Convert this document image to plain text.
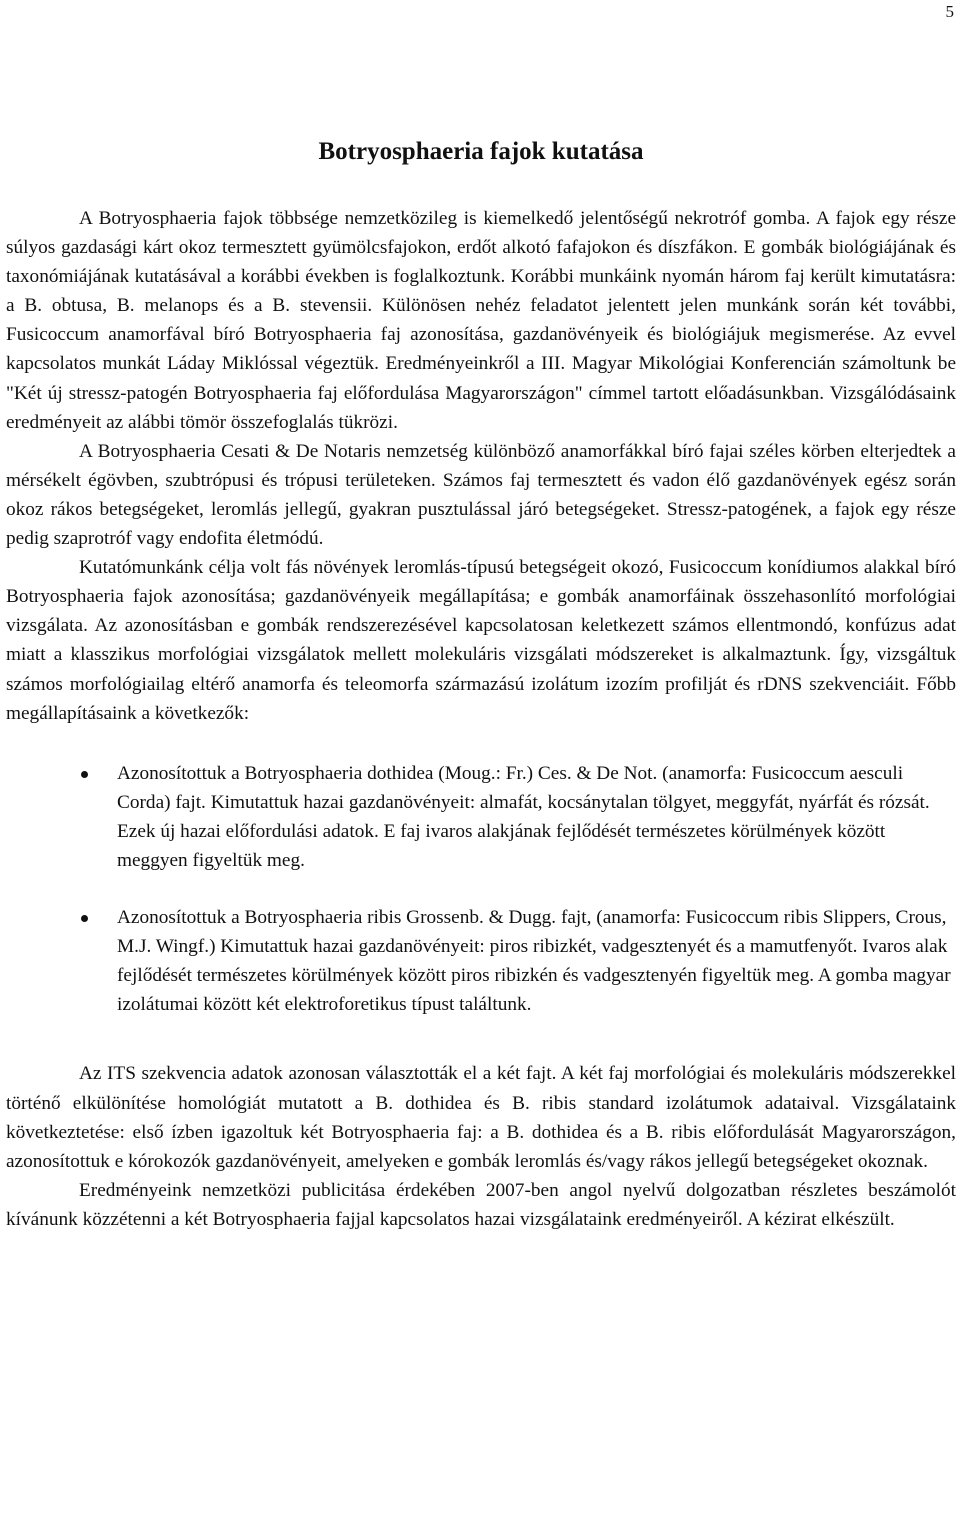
5
Botryosphaeria fajok kutatása

A Botryosphaeria fajok többsége nemzetközileg is kiemelkedő jelentőségű nekrotróf gomba. A fajok egy része súlyos gazdasági kárt okoz termesztett gyümölcsfajokon, erdőt alkotó fafajokon és díszfákon. E gombák biológiájának és taxonómiájának kutatásával a korábbi években is foglalkoztunk. Korábbi munkáink nyomán három faj került kimutatásra: a B. obtusa, B. melanops és a B. stevensii. Különösen nehéz feladatot jelentett jelen munkánk során két további, Fusicoccum anamorfával bíró Botryosphaeria faj azonosítása, gazdanövényeik és biológiájuk megismerése. Az evvel kapcsolatos munkát Láday Miklóssal végeztük. Eredményeinkről a III. Magyar Mikológiai Konferencián számoltunk be "Két új stressz-patogén Botryosphaeria faj előfordulása Magyarországon" címmel tartott előadásunkban. Vizsgálódásaink eredményeit az alábbi tömör összefoglalás tükrözi.

A Botryosphaeria Cesati & De Notaris nemzetség különböző anamorfákkal bíró fajai széles körben elterjedtek a mérsékelt égövben, szubtrópusi és trópusi területeken. Számos faj termesztett és vadon élő gazdanövények egész során okoz rákos betegségeket, leromlás jellegű, gyakran pusztulással járó betegségeket. Stressz-patogének, a fajok egy része pedig szaprotróf vagy endofita életmódú.

Kutatómunkánk célja volt fás növények leromlás-típusú betegségeit okozó, Fusicoccum konídiumos alakkal bíró Botryosphaeria fajok azonosítása; gazdanövényeik megállapítása; e gombák anamorfáinak összehasonlító morfológiai vizsgálata. Az azonosításban e gombák rendszerezésével kapcsolatosan keletkezett számos ellentmondó, konfúzus adat miatt a klasszikus morfológiai vizsgálatok mellett molekuláris vizsgálati módszereket is alkalmaztunk. Így, vizsgáltuk számos morfológiailag eltérő anamorfa és teleomorfa származású izolátum izozím profilját és rDNS szekvenciáit. Főbb megállapításaink a következők:

Azonosítottuk a Botryosphaeria dothidea (Moug.: Fr.) Ces. & De Not. (anamorfa: Fusicoccum aesculi Corda) fajt. Kimutattuk hazai gazdanövényeit: almafát, kocsánytalan tölgyet, meggyfát, nyárfát és rózsát. Ezek új hazai előfordulási adatok. E faj ivaros alakjának fejlődését természetes körülmények között meggyen figyeltük meg.
Azonosítottuk a Botryosphaeria ribis Grossenb. & Dugg. fajt, (anamorfa: Fusicoccum ribis Slippers, Crous, M.J. Wingf.) Kimutattuk hazai gazdanövényeit: piros ribizkét, vadgesztenyét és a mamutfenyőt. Ivaros alak fejlődését természetes körülmények között piros ribizkén és vadgesztenyén figyeltük meg. A gomba magyar izolátumai között két elektroforetikus típust találtunk.

Az ITS szekvencia adatok azonosan választották el a két fajt. A két faj morfológiai és molekuláris módszerekkel történő elkülönítése homológiát mutatott a B. dothidea és B. ribis standard izolátumok adataival. Vizsgálataink következtetése: első ízben igazoltuk két Botryosphaeria faj: a B. dothidea és a B. ribis előfordulását Magyarországon, azonosítottuk e kórokozók gazdanövényeit, amelyeken e gombák leromlás és/vagy rákos jellegű betegségeket okoznak.

Eredményeink nemzetközi publicitása érdekében 2007-ben angol nyelvű dolgozatban részletes beszámolót kívánunk közzétenni a két Botryosphaeria fajjal kapcsolatos hazai vizsgálataink eredményeiről. A kézirat elkészült.
